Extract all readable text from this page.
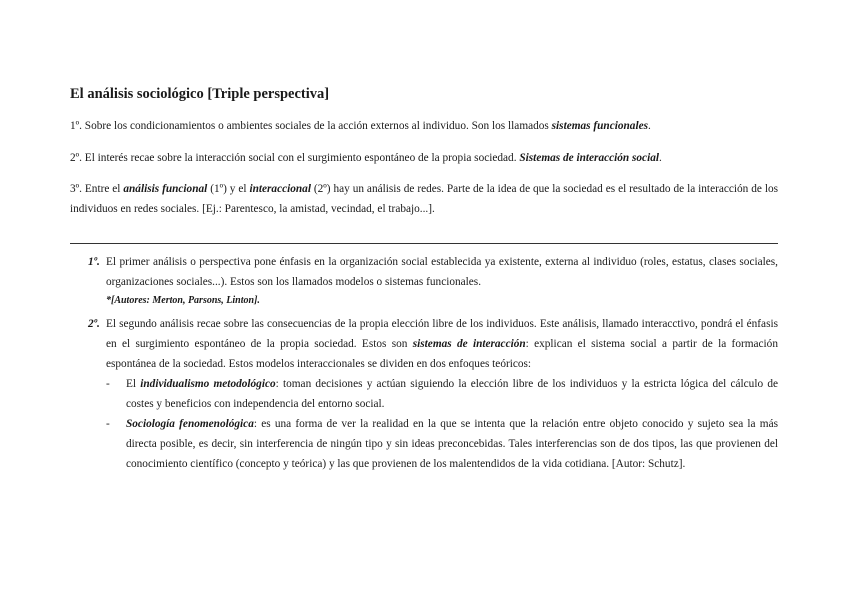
El análisis sociológico [Triple perspectiva]

1º. Sobre los condicionamientos o ambientes sociales de la acción externos al individuo. Son los llamados sistemas funcionales.

2º. El interés recae sobre la interacción social con el surgimiento espontáneo de la propia sociedad. Sistemas de interacción social.

3º. Entre el análisis funcional (1º) y el interaccional (2º) hay un análisis de redes. Parte de la idea de que la sociedad es el resultado de la interacción de los individuos en redes sociales. [Ej.: Parentesco, la amistad, vecindad, el trabajo...].

1º. El primer análisis o perspectiva pone énfasis en la organización social establecida ya existente, externa al individuo (roles, estatus, clases sociales, organizaciones sociales...). Estos son los llamados modelos o sistemas funcionales.
*[Autores: Merton, Parsons, Linton].
2º. El segundo análisis recae sobre las consecuencias de la propia elección libre de los individuos. Este análisis, llamado interacctivo, pondrá el énfasis en el surgimiento espontáneo de la propia sociedad. Estos son sistemas de interacción: explican el sistema social a partir de la formación espontánea de la sociedad. Estos modelos interaccionales se dividen en dos enfoques teóricos:
- El individualismo metodológico: toman decisiones y actúan siguiendo la elección libre de los individuos y la estricta lógica del cálculo de costes y beneficios con independencia del entorno social.
- Sociología fenomenológica: es una forma de ver la realidad en la que se intenta que la relación entre objeto conocido y sujeto sea la más directa posible, es decir, sin interferencia de ningún tipo y sin ideas preconcebidas. Tales interferencias son de dos tipos, las que provienen del conocimiento científico (concepto y teórica) y las que provienen de los malentendidos de la vida cotidiana. [Autor: Schutz].
